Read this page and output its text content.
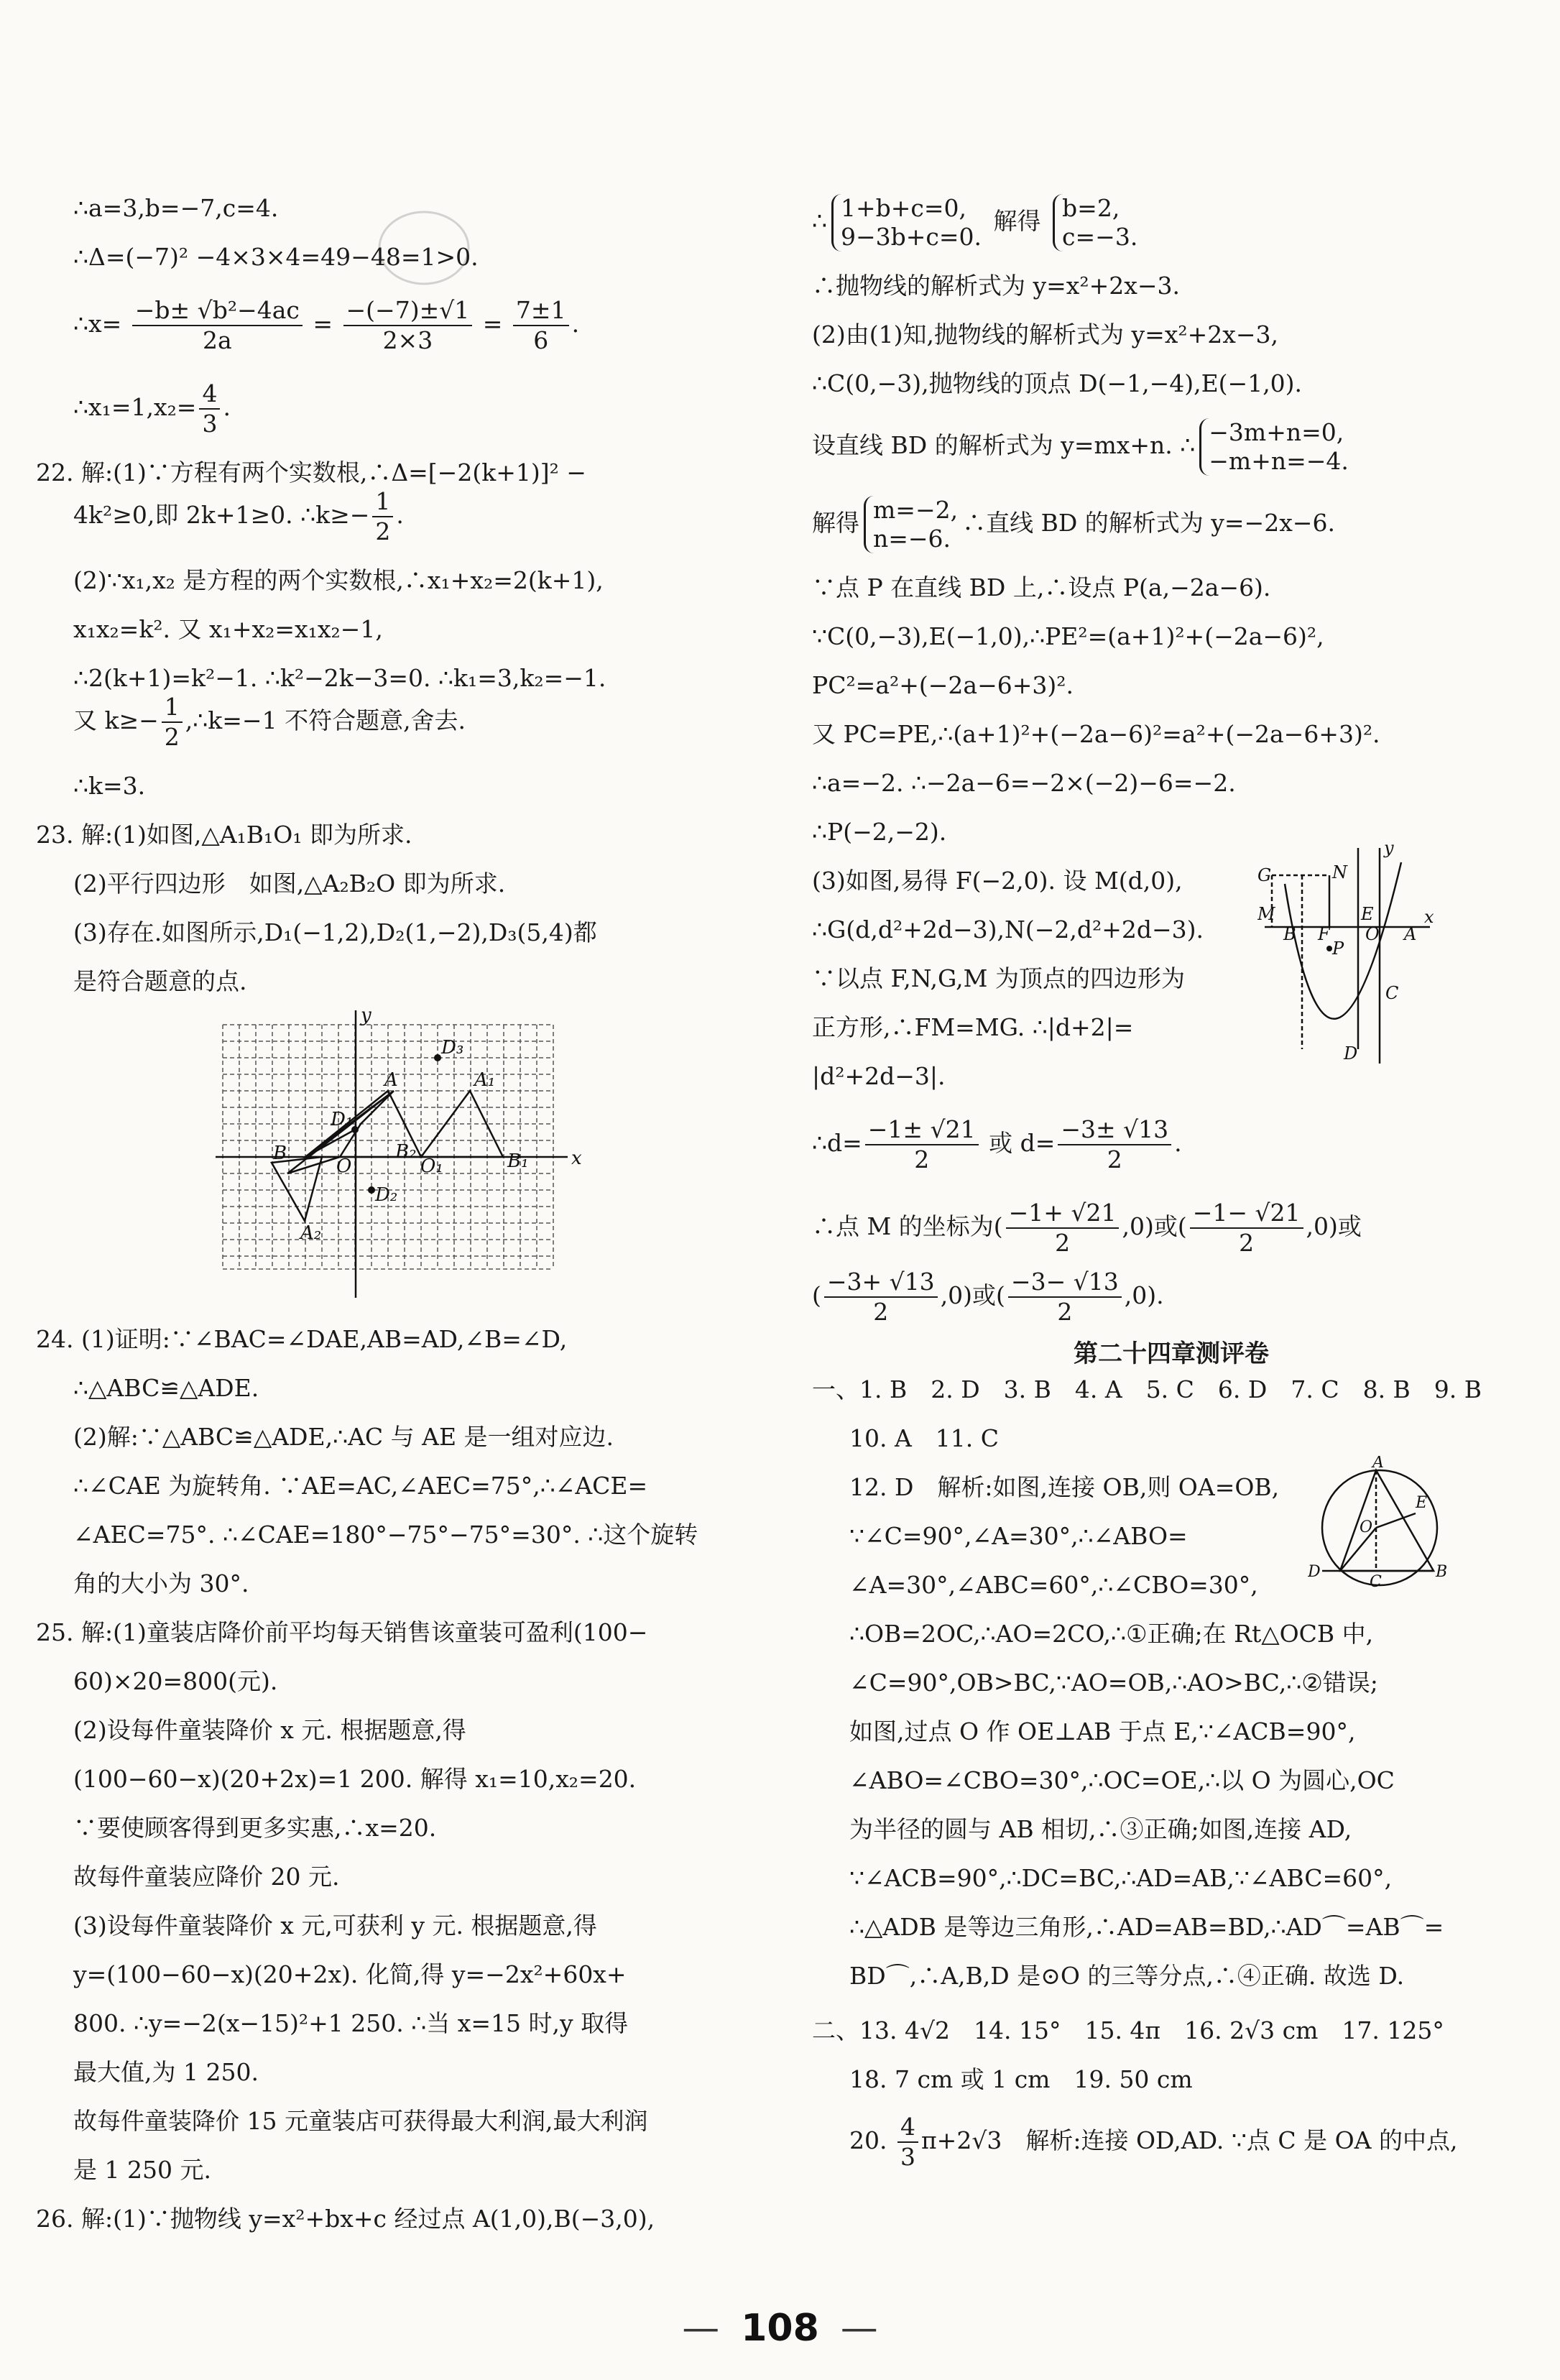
∴a=3,b=−7,c=4.

∴Δ=(−7)² −4×3×4=49−48=1>0.

∴x= $\frac{\text{−b± √b²−4ac}}{2a} = \frac{-(-7)\pm√1}{2\times 3} = \frac{7\pm 1}{6}$ .

∴x₁=1,x₂= $\frac{4}{3}$ .

22. 解:(1)∵方程有两个实数根,∴Δ=[−2(k+1)]² −

4k²≥0,即 2k+1≥0. ∴k≥− $\frac{1}{2}$ .

(2)∵x₁,x₂ 是方程的两个实数根,∴x₁+x₂=2(k+1),

x₁x₂=k². 又 x₁+x₂=x₁x₂−1,

∴2(k+1)=k²−1. ∴k²−2k−3=0. ∴k₁=3,k₂=−1.

又 $k\ge- \frac{1}{2}$ ,∴k=−1 不符合题意,舍去.

∴k=3.

23. 解:(1)如图,△A₁B₁O₁ 即为所求.

(2)平行四边形　如图,△A₂B₂O 即为所求.

(3)存在.如图所示,D₁(−1,2),D₂(1,−2),D₃(5,4)都

是符合题意的点.

y
x
O	O₁
A	A₁
A₂
B	B₁
B₂
D₁
D₂
D₃

24. (1)证明:∵∠BAC=∠DAE,AB=AD,∠B=∠D,

∴△ABC≌△ADE.

(2)解:∵△ABC≌△ADE,∴AC 与 AE 是一组对应边.

∴∠CAE 为旋转角. ∵AE=AC,∠AEC=75°,∴∠ACE=

∠AEC=75°. ∴∠CAE=180°−75°−75°=30°. ∴这个旋转

角的大小为 30°.

25. 解:(1)童装店降价前平均每天销售该童装可盈利(100−

60)×20=800(元).

(2)设每件童装降价 x 元. 根据题意,得

(100−60−x)(20+2x)=1 200. 解得 x₁=10,x₂=20.

∵要使顾客得到更多实惠,∴x=20.

故每件童装应降价 20 元.

(3)设每件童装降价 x 元,可获利 y 元. 根据题意,得

y=(100−60−x)(20+2x). 化简,得 y=−2x²+60x+

800. ∴y=−2(x−15)²+1 250. ∴当 x=15 时,y 取得

最大值,为 1 250.

故每件童装降价 15 元童装店可获得最大利润,最大利润

是 1 250 元.

26. 解:(1)∵抛物线 y=x²+bx+c 经过点 A(1,0),B(−3,0),

∴ 1+b+c=0,
9−3b+c=0.
解得 b=2,
c=−3.

∴抛物线的解析式为 y=x²+2x−3.

(2)由(1)知,抛物线的解析式为 y=x²+2x−3,

∴C(0,−3),抛物线的顶点 D(−1,−4),E(−1,0).

设直线 BD 的解析式为 y=mx+n. ∴ −3m+n=0,
−m+n=−4.

解得 m=−2,
n=−6.
∴直线 BD 的解析式为 y=−2x−6.

∵点 P 在直线 BD 上,∴设点 P(a,−2a−6).

∵C(0,−3),E(−1,0),∴PE²=(a+1)²+(−2a−6)²,

PC²=a²+(−2a−6+3)².

又 PC=PE,∴(a+1)²+(−2a−6)²=a²+(−2a−6+3)².

∴a=−2. ∴−2a−6=−2×(−2)−6=−2.

∴P(−2,−2).

y
x
G	N
M
B F
E
O A
P
C
D

(3)如图,易得 F(−2,0). 设 M(d,0),

∴G(d,d²+2d−3),N(−2,d²+2d−3).

∵以点 F,N,G,M 为顶点的四边形为

正方形,∴FM=MG. ∴|d+2|=

|d²+2d−3|.

∴d= $\frac{-1\pm √21}{2}$ 或 $d= \frac{-3\pm √13}{2}$ .

∴点 M 的坐标为( $\frac{-1+ √21}{2} ,0$)或( $\frac{-1- √21}{2} ,0$)或

( $\frac{-3+ √13}{2} ,0$)或( $\frac{-3- √13}{2} ,0$).

第二十四章测评卷

一、1. B　2. D　3. B　4. A　5. C　6. D　7. C　8. B　9. B

10. A　11. C

A
B
C
D
E
O

12. D　解析:如图,连接 OB,则 OA=OB,

∵∠C=90°,∠A=30°,∴∠ABO=

∠A=30°,∠ABC=60°,∴∠CBO=30°,

∴OB=2OC,∴AO=2CO,∴①正确;在 Rt△OCB 中,

∠C=90°,OB>BC,∵AO=OB,∴AO>BC,∴②错误;

如图,过点 O 作 OE⊥AB 于点 E,∵∠ACB=90°,

∠ABO=∠CBO=30°,∴OC=OE,∴以 O 为圆心,OC

为半径的圆与 AB 相切,∴③正确;如图,连接 AD,

∵∠ACB=90°,∴DC=BC,∴AD=AB,∵∠ABC=60°,

∴△ADB 是等边三角形,∴AD=AB=BD,∴AD⌒=AB⌒=

BD⌒,∴A,B,D 是⊙O 的三等分点,∴④正确. 故选 D.

二、13. 4√2　14. 15°　15. 4π　16. 2√3 cm　17. 125°

18. 7 cm 或 1 cm　19. 50 cm

20. $\frac{4}{3} \pi+2√3$　解析:连接 OD,AD. ∵点 C 是 OA 的中点,

— 108 —
